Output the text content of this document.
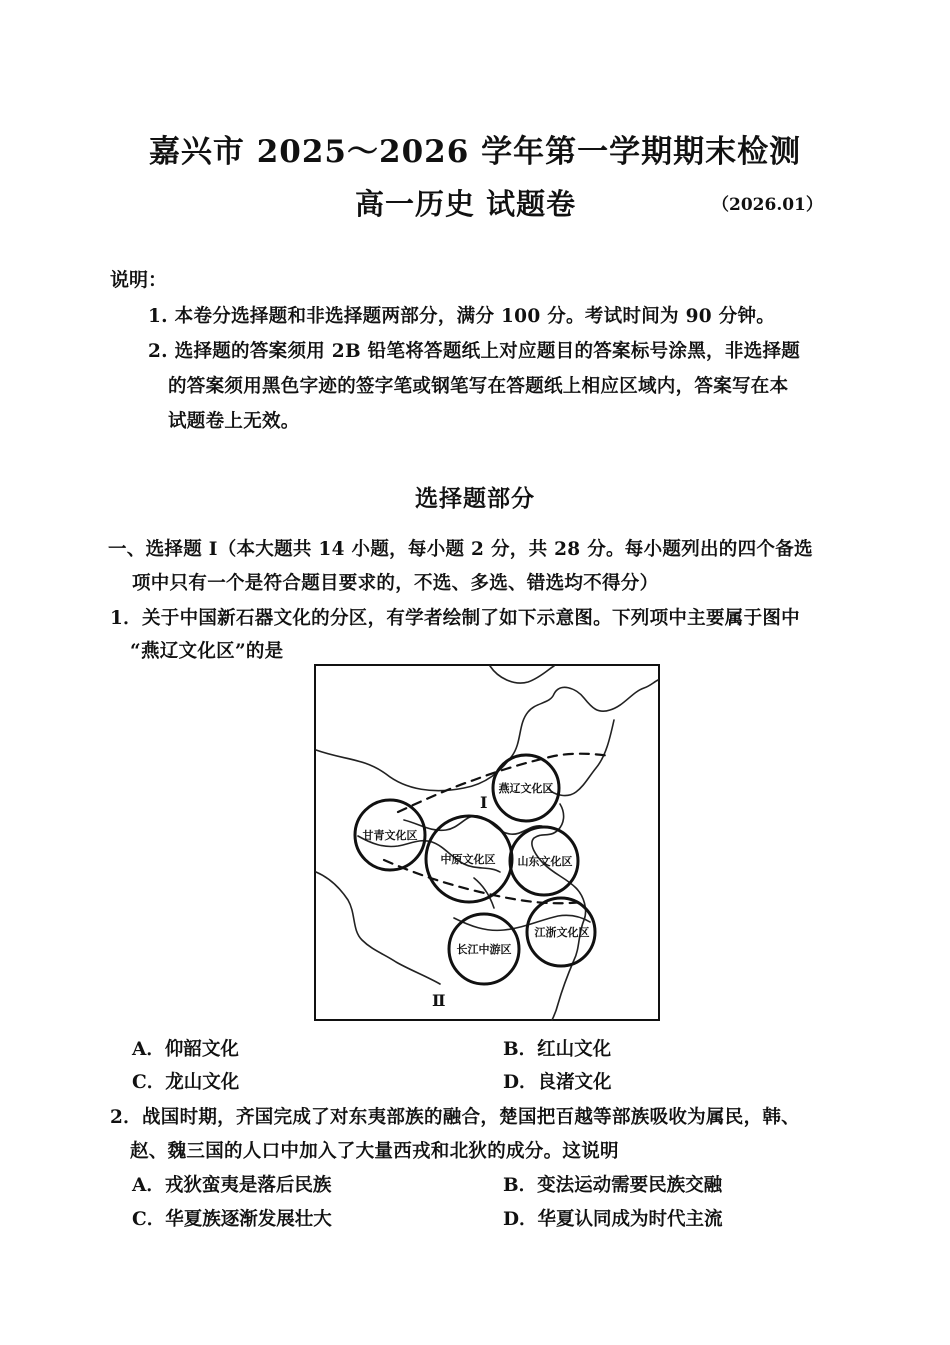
嘉兴市 2025～2026 学年第一学期期末检测
高一历史 试题卷	（2026.01）
说明：
1. 本卷分选择题和非选择题两部分，满分 100 分。考试时间为 90 分钟。
2. 选择题的答案须用 2B 铅笔将答题纸上对应题目的答案标号涂黑，非选择题
的答案须用黑色字迹的签字笔或钢笔写在答题纸上相应区域内，答案写在本
试题卷上无效。
选择题部分
一、选择题 Ⅰ（本大题共 14 小题，每小题 2 分，共 28 分。每小题列出的四个备选
项中只有一个是符合题目要求的，不选、多选、错选均不得分）
1．关于中国新石器文化的分区，有学者绘制了如下示意图。下列项中主要属于图中
“燕辽文化区”的是
燕辽文化区
甘青文化区
中原文化区 山东文化区
长江中游区
江浙文化区
Ⅰ
Ⅱ
A．仰韶文化	B．红山文化
C．龙山文化	D．良渚文化
2．战国时期，齐国完成了对东夷部族的融合，楚国把百越等部族吸收为属民，韩、
赵、魏三国的人口中加入了大量西戎和北狄的成分。这说明
A．戎狄蛮夷是落后民族	B．变法运动需要民族交融
C．华夏族逐渐发展壮大	D．华夏认同成为时代主流
